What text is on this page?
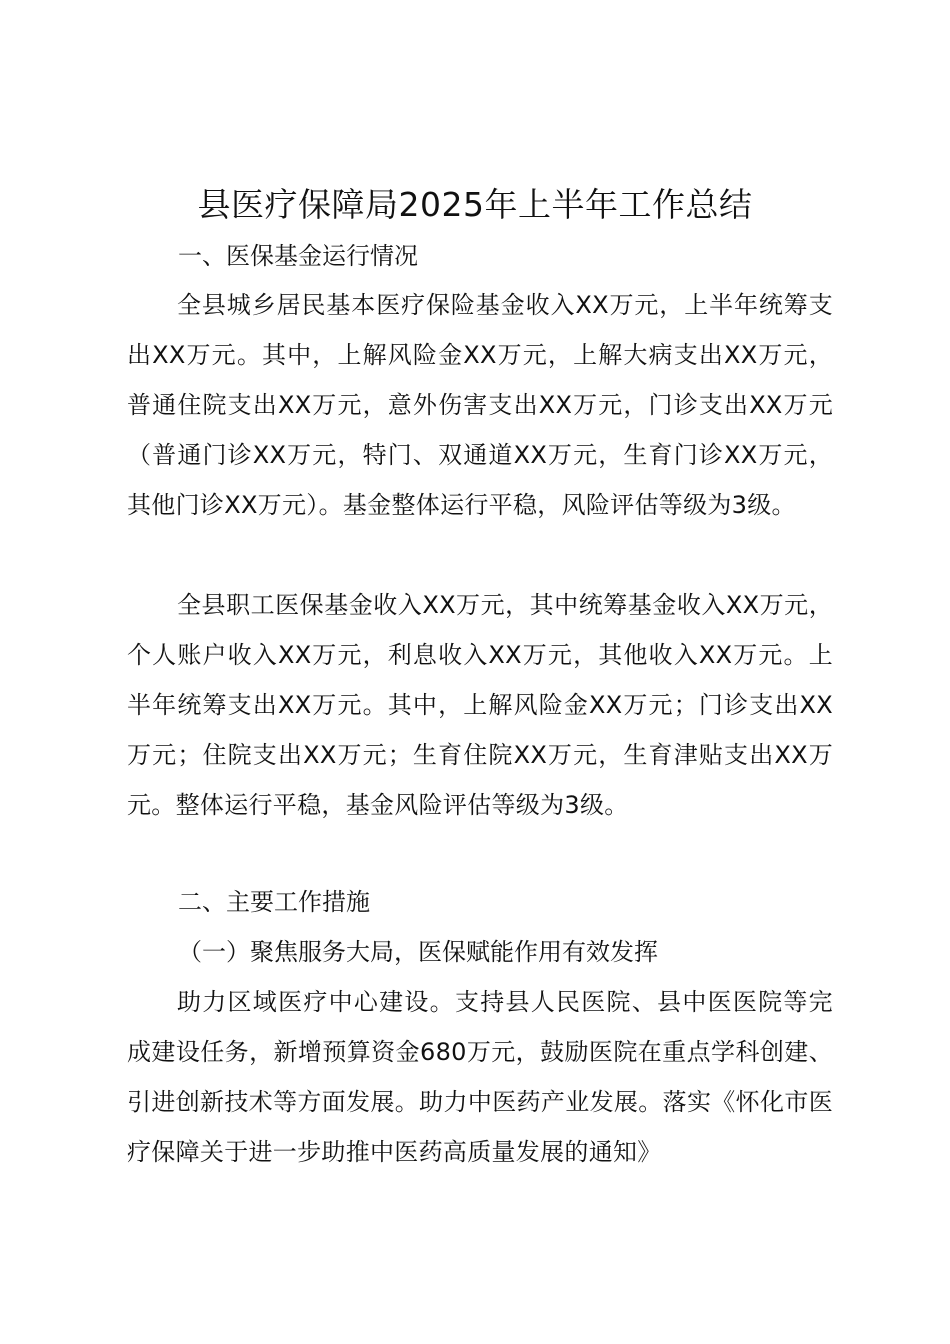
县医疗保障局2025年上半年工作总结
一、医保基金运行情况
全县城乡居民基本医疗保险基金收入XX万元，上半年统筹支出XX万元。其中，上解风险金XX万元，上解大病支出XX万元，普通住院支出XX万元，意外伤害支出XX万元，门诊支出XX万元（普通门诊XX万元，特门、双通道XX万元，生育门诊XX万元，其他门诊XX万元）。基金整体运行平稳，风险评估等级为3级。
全县职工医保基金收入XX万元，其中统筹基金收入XX万元，个人账户收入XX万元，利息收入XX万元，其他收入XX万元。上半年统筹支出XX万元。其中，上解风险金XX万元；门诊支出XX万元；住院支出XX万元；生育住院XX万元，生育津贴支出XX万元。整体运行平稳，基金风险评估等级为3级。
二、主要工作措施
（一）聚焦服务大局，医保赋能作用有效发挥
助力区域医疗中心建设。支持县人民医院、县中医医院等完成建设任务，新增预算资金680万元，鼓励医院在重点学科创建、引进创新技术等方面发展。助力中医药产业发展。落实《怀化市医疗保障关于进一步助推中医药高质量发展的通知》
